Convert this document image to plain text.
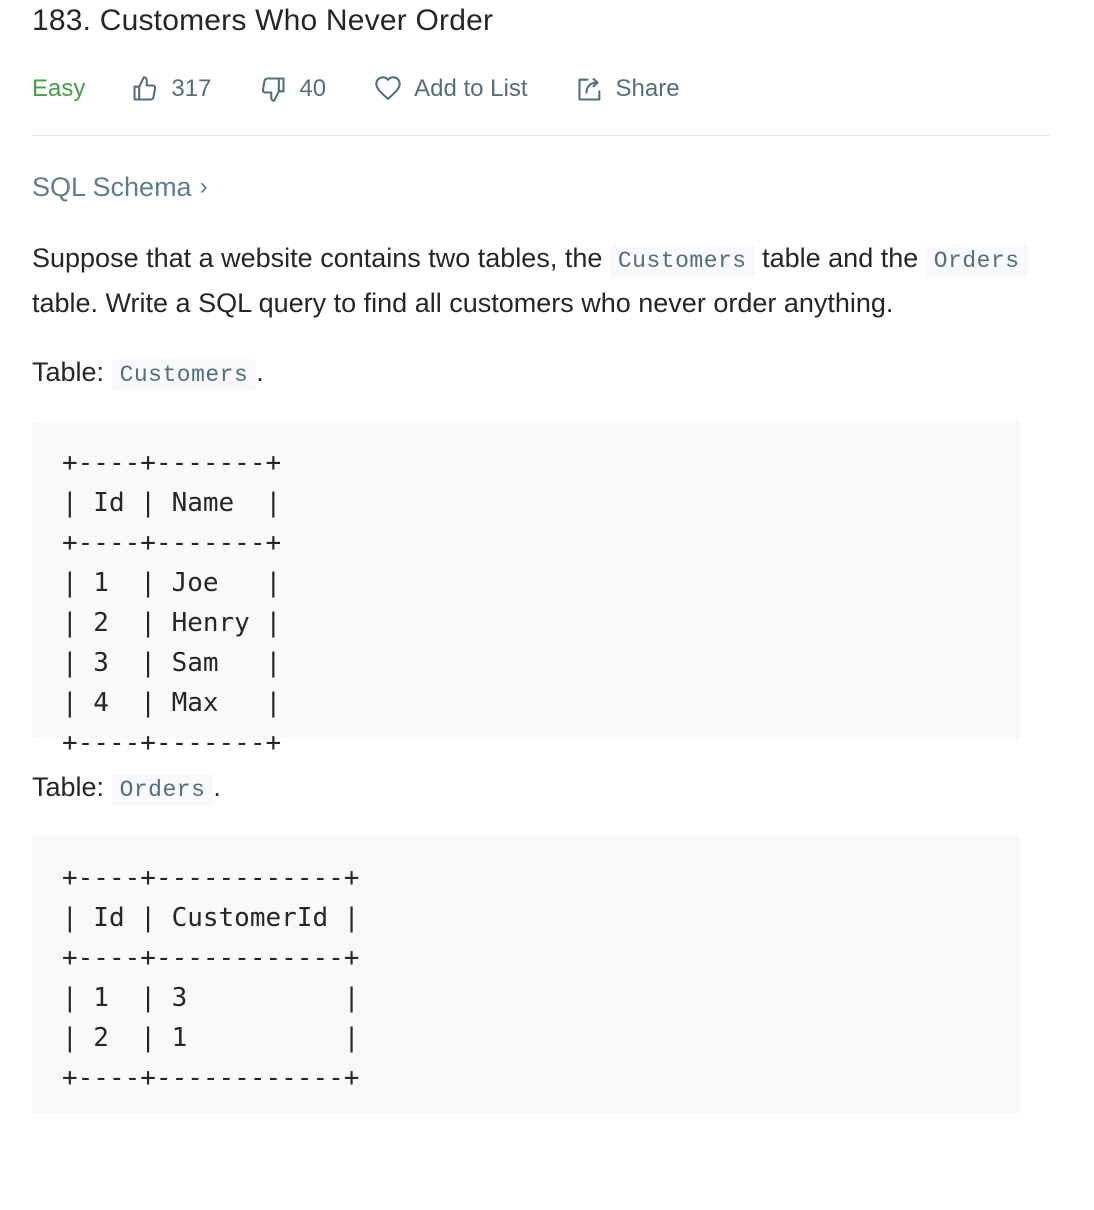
183. Customers Who Never Order
Easy	317	40	Add to List	Share
SQL Schema ›

Suppose that a website contains two tables, the Customers table and the Orders table. Write a SQL query to find all customers who never order anything.

Table: Customers .

+----+-------+
| Id | Name  |
+----+-------+
| 1  | Joe   |
| 2  | Henry |
| 3  | Sam   |
| 4  | Max   |
+----+-------+

Table: Orders .

+----+------------+
| Id | CustomerId |
+----+------------+
| 1  | 3          |
| 2  | 1          |
+----+------------+
